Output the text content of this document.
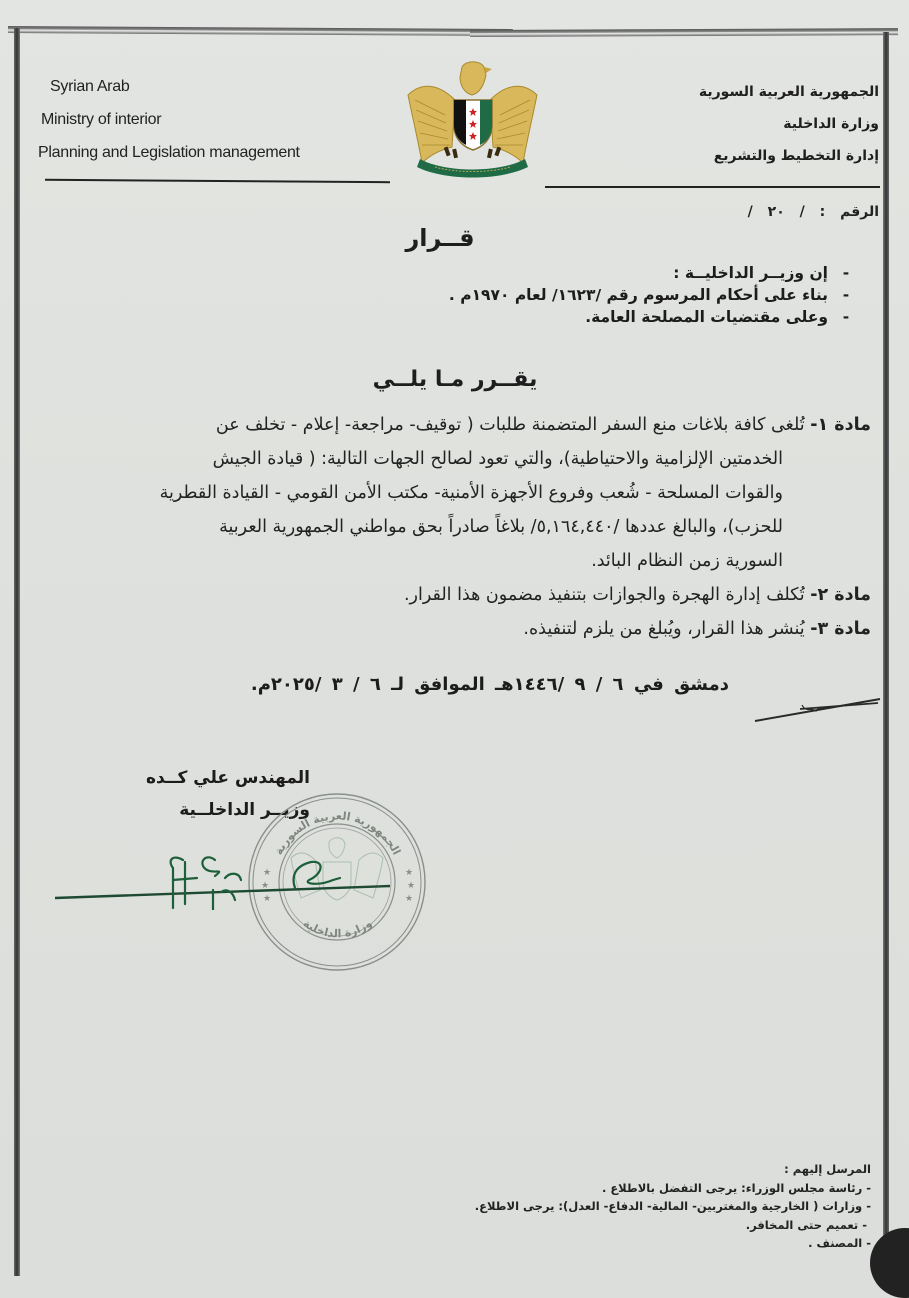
Syrian Arab
Ministry of interior
Planning and Legislation management
الجمهورية العربية السورية
وزارة الداخلية
إدارة التخطيط والتشريع
الرقم : / ٢٠ /
قــرار
-
إن وزيــر الداخليــة :
-
بناء على أحكام المرسوم رقم /١٦٢٣/ لعام ١٩٧٠م .
-
وعلى مقتضيات المصلحة العامة.
يقــرر مـا يلــي
مادة ١- تُلغى كافة بلاغات منع السفر المتضمنة طلبات ( توقيف- مراجعة- إعلام - تخلف عن
الخدمتين الإلزامية والاحتياطية)، والتي تعود لصالح الجهات التالية: ( قيادة الجيش
والقوات المسلحة - شُعب وفروع الأجهزة الأمنية- مكتب الأمن القومي - القيادة القطرية
للحزب)، والبالغ عددها /٥,١٦٤,٤٤٠/ بلاغاً صادراً بحق مواطني الجمهورية العربية
السورية زمن النظام البائد.
مادة ٢- تُكلف إدارة الهجرة والجوازات بتنفيذ مضمون هذا القرار.
مادة ٣- يُنشر هذا القرار، ويُبلغ من يلزم لتنفيذه.
دمشق في ٦ / ٩ /١٤٤٦هـ الموافق لـ ٦ / ٣ /٢٠٢٥م.
المهندس علي كــده
وزيــر الداخلــية
الجمهورية العربية السورية
وزارة الداخلية
★
★
★
★
★
★
المرسل إليهم :
- رئاسة مجلس الوزراء: يرجى التفضل بالاطلاع .
- وزارات ( الخارجية والمغتربين- المالية- الدفاع- العدل): يرجى الاطلاع.
- تعميم حتى المخافر.
- المصنف .
